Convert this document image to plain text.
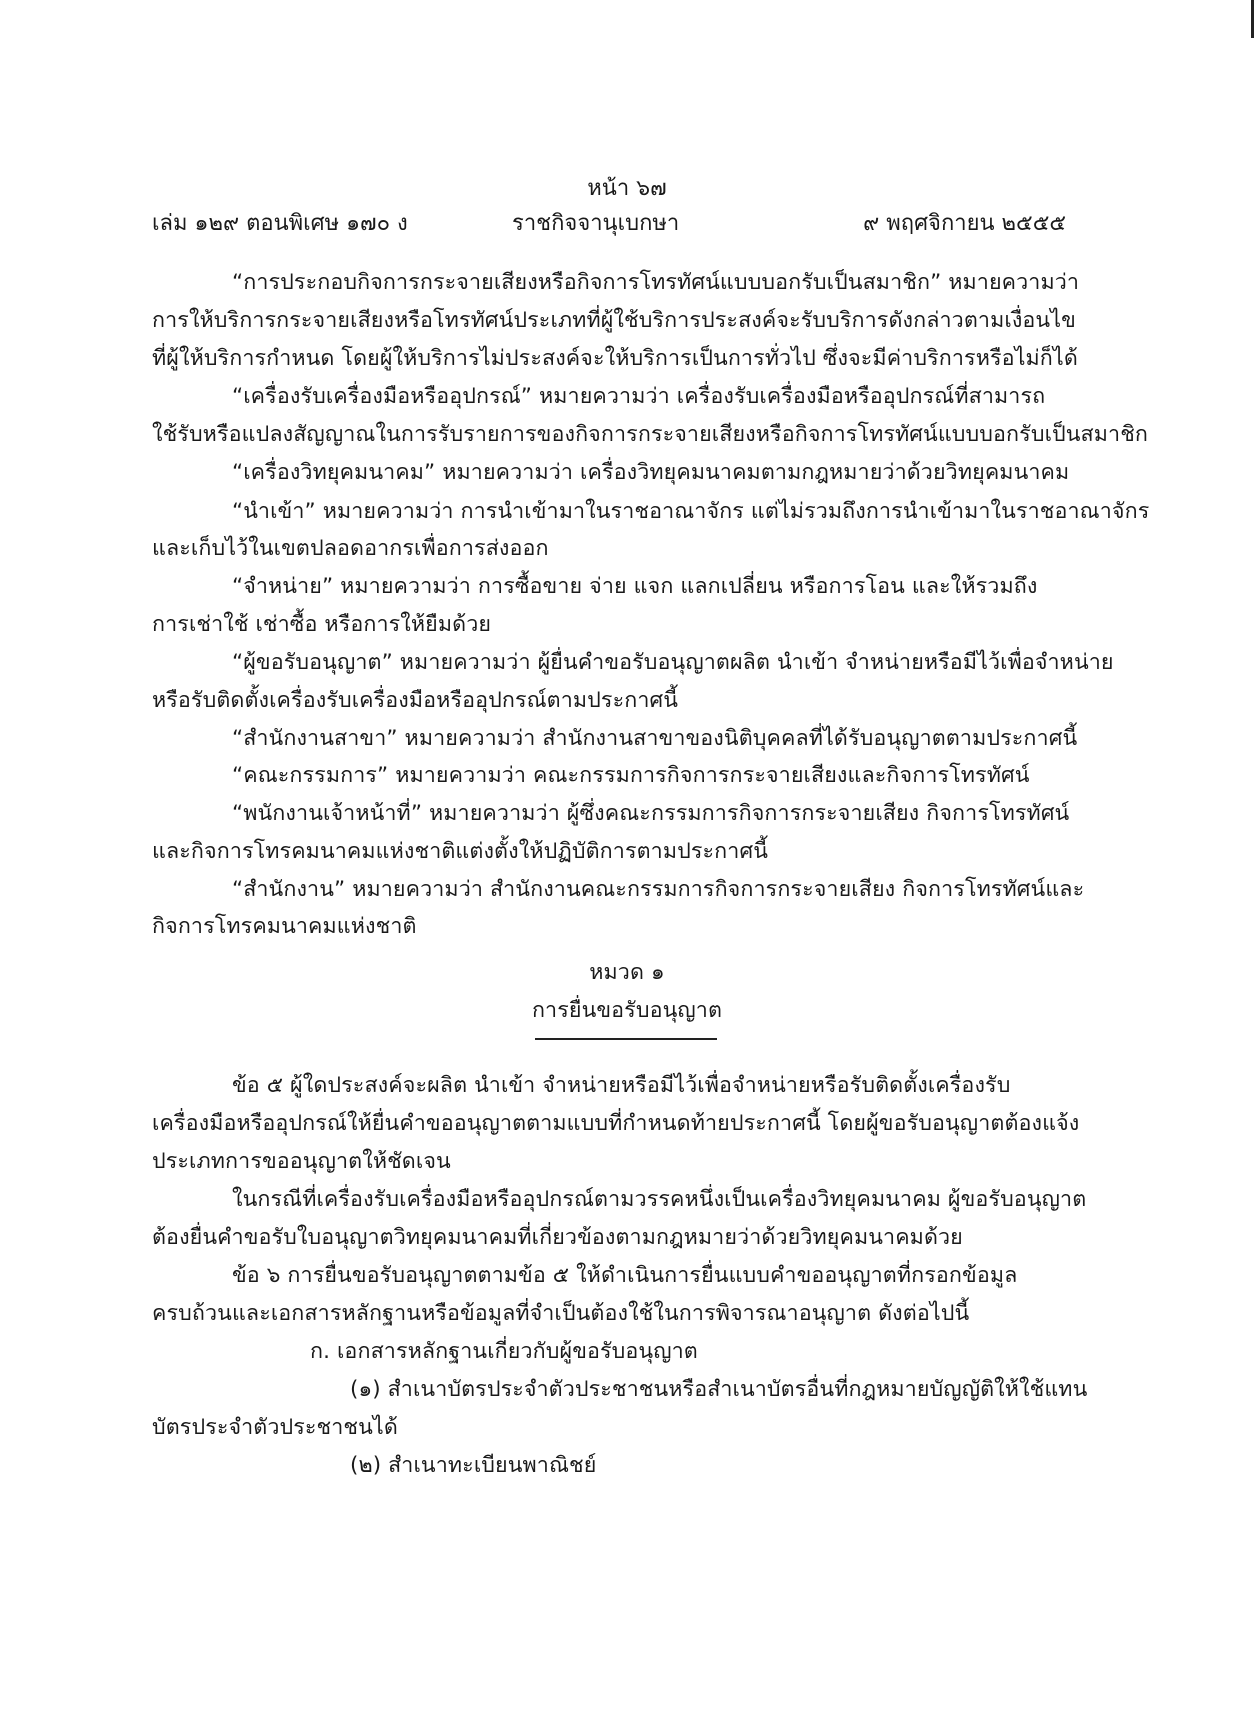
หน้า ๖๗
เล่ม ๑๒๙ ตอนพิเศษ ๑๗๐ ง	ราชกิจจานุเบกษา	๙ พฤศจิกายน ๒๕๕๕
“การประกอบกิจการกระจายเสียงหรือกิจการโทรทัศน์แบบบอกรับเป็นสมาชิก” หมายความว่า
การให้บริการกระจายเสียงหรือโทรทัศน์ประเภทที่ผู้ใช้บริการประสงค์จะรับบริการดังกล่าวตามเงื่อนไข
ที่ผู้ให้บริการกำหนด โดยผู้ให้บริการไม่ประสงค์จะให้บริการเป็นการทั่วไป ซึ่งจะมีค่าบริการหรือไม่ก็ได้
“เครื่องรับเครื่องมือหรืออุปกรณ์” หมายความว่า เครื่องรับเครื่องมือหรืออุปกรณ์ที่สามารถ
ใช้รับหรือแปลงสัญญาณในการรับรายการของกิจการกระจายเสียงหรือกิจการโทรทัศน์แบบบอกรับเป็นสมาชิก
“เครื่องวิทยุคมนาคม” หมายความว่า เครื่องวิทยุคมนาคมตามกฎหมายว่าด้วยวิทยุคมนาคม
“นำเข้า” หมายความว่า การนำเข้ามาในราชอาณาจักร แต่ไม่รวมถึงการนำเข้ามาในราชอาณาจักร
และเก็บไว้ในเขตปลอดอากรเพื่อการส่งออก
“จำหน่าย” หมายความว่า การซื้อขาย จ่าย แจก แลกเปลี่ยน หรือการโอน และให้รวมถึง
การเช่าใช้ เช่าซื้อ หรือการให้ยืมด้วย
“ผู้ขอรับอนุญาต” หมายความว่า ผู้ยื่นคำขอรับอนุญาตผลิต นำเข้า จำหน่ายหรือมีไว้เพื่อจำหน่าย
หรือรับติดตั้งเครื่องรับเครื่องมือหรืออุปกรณ์ตามประกาศนี้
“สำนักงานสาขา” หมายความว่า สำนักงานสาขาของนิติบุคคลที่ได้รับอนุญาตตามประกาศนี้
“คณะกรรมการ” หมายความว่า คณะกรรมการกิจการกระจายเสียงและกิจการโทรทัศน์
“พนักงานเจ้าหน้าที่” หมายความว่า ผู้ซึ่งคณะกรรมการกิจการกระจายเสียง กิจการโทรทัศน์
และกิจการโทรคมนาคมแห่งชาติแต่งตั้งให้ปฏิบัติการตามประกาศนี้
“สำนักงาน” หมายความว่า สำนักงานคณะกรรมการกิจการกระจายเสียง กิจการโทรทัศน์และ
กิจการโทรคมนาคมแห่งชาติ
หมวด ๑
การยื่นขอรับอนุญาต
ข้อ ๕ ผู้ใดประสงค์จะผลิต นำเข้า จำหน่ายหรือมีไว้เพื่อจำหน่ายหรือรับติดตั้งเครื่องรับ
เครื่องมือหรืออุปกรณ์ให้ยื่นคำขออนุญาตตามแบบที่กำหนดท้ายประกาศนี้ โดยผู้ขอรับอนุญาตต้องแจ้ง
ประเภทการขออนุญาตให้ชัดเจน
ในกรณีที่เครื่องรับเครื่องมือหรืออุปกรณ์ตามวรรคหนึ่งเป็นเครื่องวิทยุคมนาคม ผู้ขอรับอนุญาต
ต้องยื่นคำขอรับใบอนุญาตวิทยุคมนาคมที่เกี่ยวข้องตามกฎหมายว่าด้วยวิทยุคมนาคมด้วย
ข้อ ๖ การยื่นขอรับอนุญาตตามข้อ ๕ ให้ดำเนินการยื่นแบบคำขออนุญาตที่กรอกข้อมูล
ครบถ้วนและเอกสารหลักฐานหรือข้อมูลที่จำเป็นต้องใช้ในการพิจารณาอนุญาต ดังต่อไปนี้
ก. เอกสารหลักฐานเกี่ยวกับผู้ขอรับอนุญาต
(๑) สำเนาบัตรประจำตัวประชาชนหรือสำเนาบัตรอื่นที่กฎหมายบัญญัติให้ใช้แทน
บัตรประจำตัวประชาชนได้
(๒) สำเนาทะเบียนพาณิชย์
